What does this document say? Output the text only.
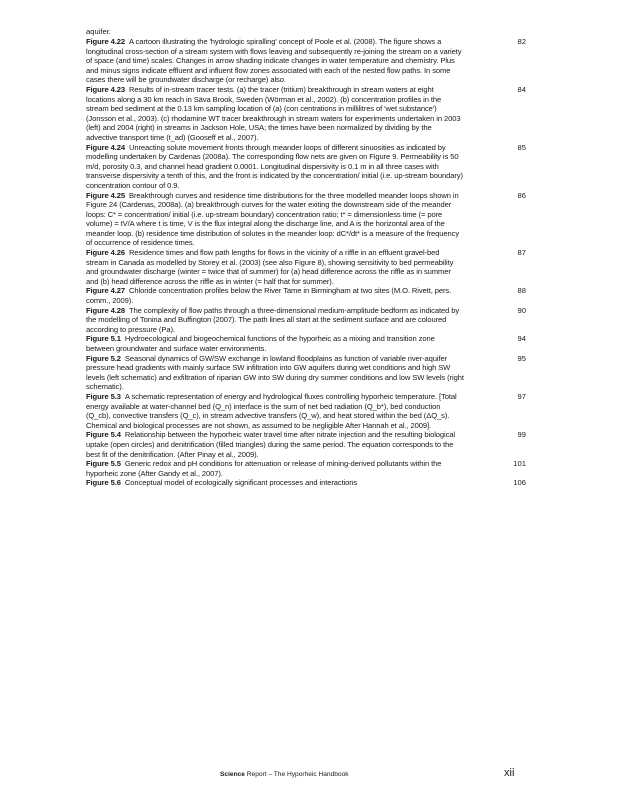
aquifer.
Figure 4.22 A cartoon illustrating the 'hydrologic spiralling' concept of Poole et al. (2008). The figure shows a longitudinal cross-section of a stream system with flows leaving and subsequently re-joining the stream on a variety of space (and time) scales. Changes in arrow shading indicate changes in water temperature and chemistry. Plus and minus signs indicate effluent and influent flow zones associated with each of the nested flow paths. In some cases there will be groundwater discharge (or recharge) also.
82
Figure 4.23 Results of in-stream tracer tests. (a) the tracer (tritium) breakthrough in stream waters at eight locations along a 30 km reach in Säva Brook, Sweden (Wörman et al., 2002). (b) concentration profiles in the stream bed sediment at the 0.13 km sampling location of (a) (con centrations in millilitres of 'wet substance') (Jonsson et al., 2003). (c) rhodamine WT tracer breakthrough in stream waters for experiments undertaken in 2003 (left) and 2004 (right) in streams in Jackson Hole, USA; the times have been normalized by dividing by the advective transport time (t_ad) (Gooseff et al., 2007).
84
Figure 4.24 Unreacting solute movement fronts through meander loops of different sinuosities as indicated by modelling undertaken by Cardenas (2008a). The corresponding flow nets are given on Figure 9. Permeability is 50 m/d, porosity 0.3, and channel head gradient 0.0001. Longitudinal dispersivity is 0.1 m in all three cases with transverse dispersivity a tenth of this, and the front is indicated by the concentration/ initial (i.e. up-stream boundary) concentration contour of 0.9.
85
Figure 4.25 Breakthrough curves and residence time distributions for the three modelled meander loops shown in Figure 24 (Cardenas, 2008a). (a) breakthrough curves for the water exiting the downstream side of the meander loops: C* = concentration/ initial (i.e. up-stream boundary) concentration ratio; t* = dimensionless time (= pore volume) = tV/A where t is time, V is the flux integral along the discharge line, and A is the horizontal area of the meander loop. (b) residence time distribution of solutes in the meander loop: dC*/dt* is a measure of the frequency of occurrence of residence times.
86
Figure 4.26 Residence times and flow path lengths for flows in the vicinity of a riffle in an effluent gravel-bed stream in Canada as modelled by Storey et al. (2003) (see also Figure 8), showing sensitivity to bed permeability and groundwater discharge (winter = twice that of summer) for (a) head difference across the riffle as in summer and (b) head difference across the riffle as in winter (= half that for summer).
87
Figure 4.27 Chloride concentration profiles below the River Tame in Birmingham at two sites (M.O. Rivett, pers. comm., 2009).
88
Figure 4.28 The complexity of flow paths through a three-dimensional medium-amplitude bedform as indicated by the modelling of Tonina and Buffington (2007). The path lines all start at the sediment surface and are coloured according to pressure (Pa).
90
Figure 5.1 Hydroecological and biogeochemical functions of the hyporheic as a mixing and transition zone between groundwater and surface water environments.
94
Figure 5.2 Seasonal dynamics of GW/SW exchange in lowland floodplains as function of variable river-aquifer pressure head gradients with mainly surface SW infiltration into GW aquifers during wet conditions and high SW levels (left schematic) and exfiltration of riparian GW into SW during dry summer conditions and low SW levels (right schematic).
95
Figure 5.3 A schematic representation of energy and hydrological fluxes controlling hyporheic temperature. [Total energy available at water-channel bed (Q_n) interface is the sum of net bed radiation (Q_b*), bed conduction (Q_cb), convective transfers (Q_c), in stream advective transfers (Q_w), and heat stored within the bed (ΔQ_s). Chemical and biological processes are not shown, as assumed to be negligible After Hannah et al., 2009].
97
Figure 5.4 Relationship between the hyporheic water travel time after nitrate injection and the resulting biological uptake (open circles) and denitrification (filled triangles) during the same period. The equation corresponds to the best fit of the denitrification. (After Pinay et al., 2009).
99
Figure 5.5 Generic redox and pH conditions for attenuation or release of mining-derived pollutants within the hyporheic zone (After Gandy et al., 2007).
101
Figure 5.6 Conceptual model of ecologically significant processes and interactions	106
Science Report – The Hyporheic Handbook	xii
